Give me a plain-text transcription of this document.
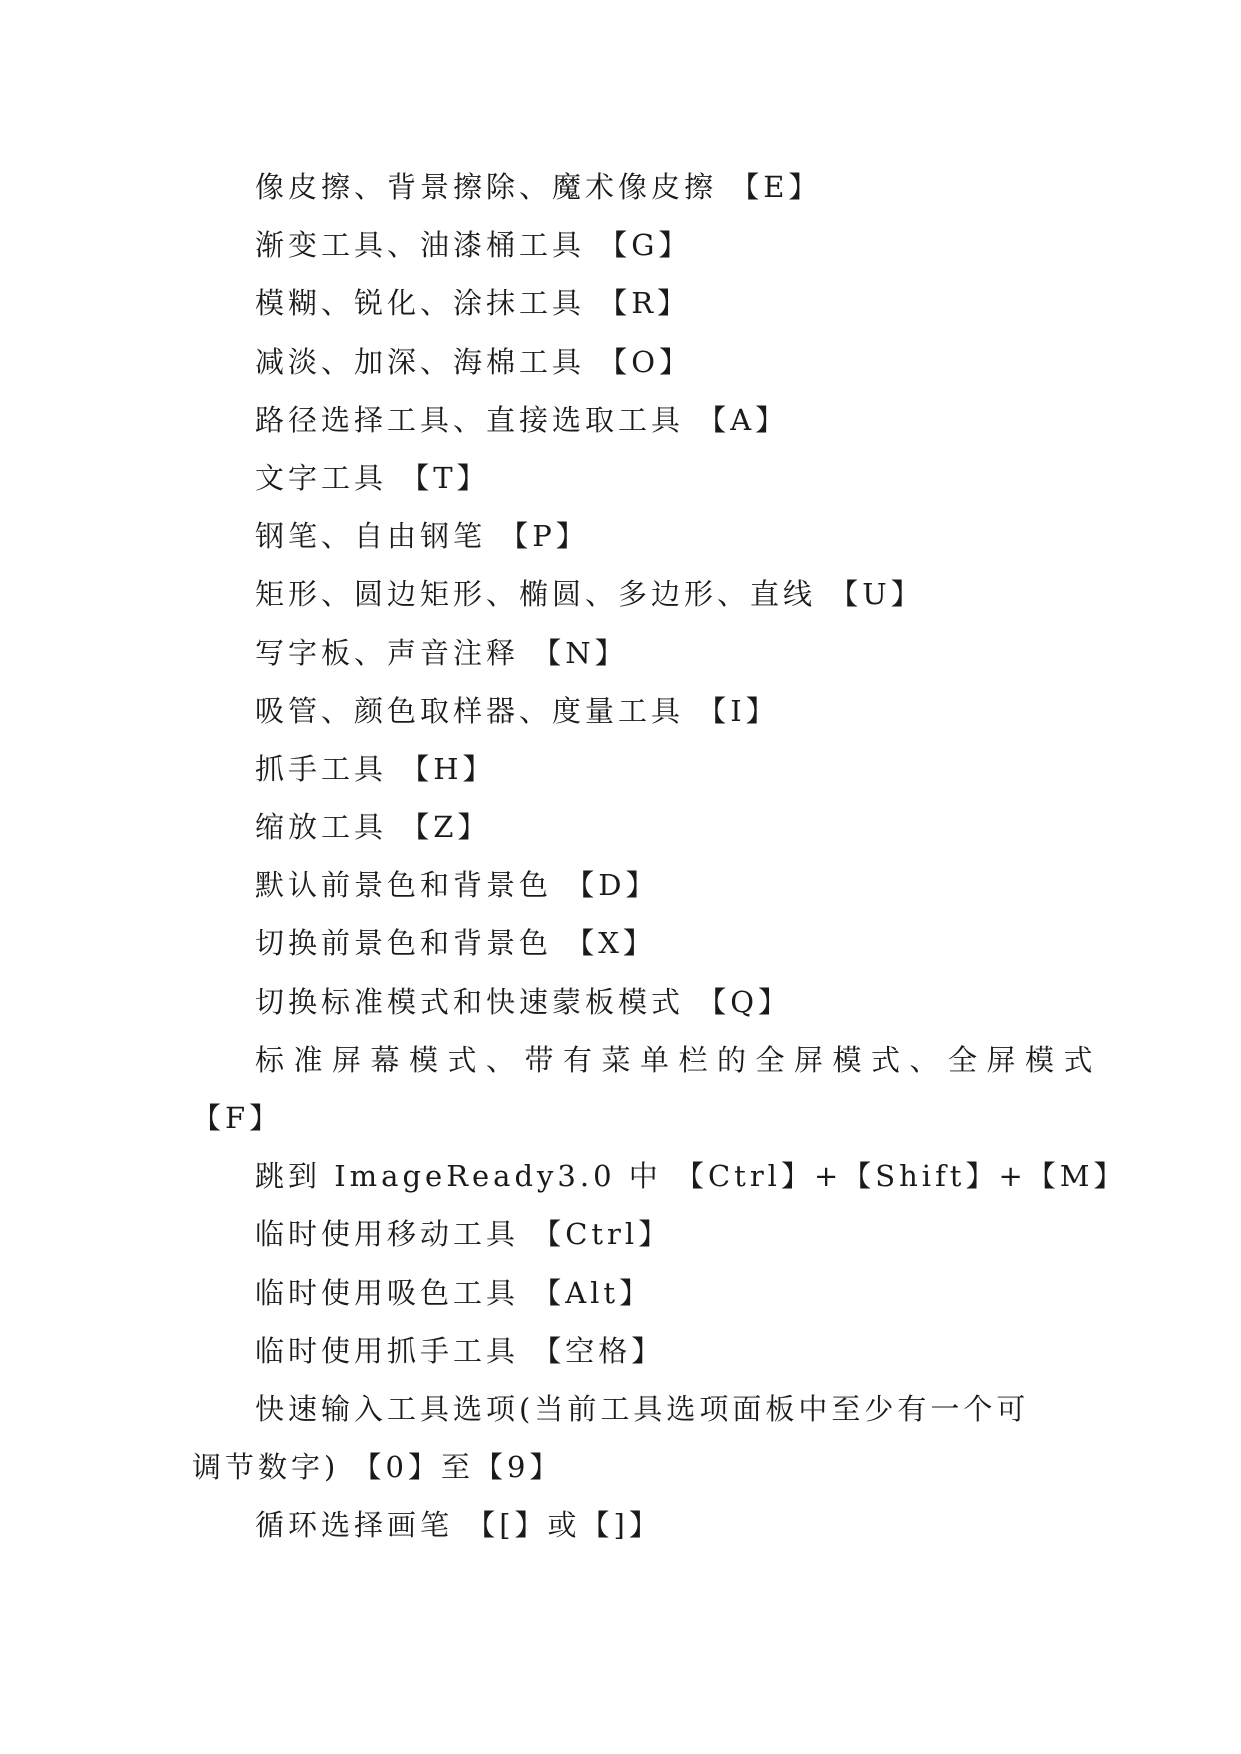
像皮擦、背景擦除、魔术像皮擦 【E】
渐变工具、油漆桶工具 【G】
模糊、锐化、涂抹工具 【R】
减淡、加深、海棉工具 【O】
路径选择工具、直接选取工具 【A】
文字工具 【T】
钢笔、自由钢笔 【P】
矩形、圆边矩形、椭圆、多边形、直线 【U】
写字板、声音注释 【N】
吸管、颜色取样器、度量工具 【I】
抓手工具 【H】
缩放工具 【Z】
默认前景色和背景色 【D】
切换前景色和背景色 【X】
切换标准模式和快速蒙板模式 【Q】
标准屏幕模式、带有菜单栏的全屏模式、全屏模式
【F】
跳到 ImageReady3.0 中 【Ctrl】+【Shift】+【M】
临时使用移动工具 【Ctrl】
临时使用吸色工具 【Alt】
临时使用抓手工具 【空格】
快速输入工具选项(当前工具选项面板中至少有一个可
调节数字) 【0】至【9】
循环选择画笔 【[】或【]】
